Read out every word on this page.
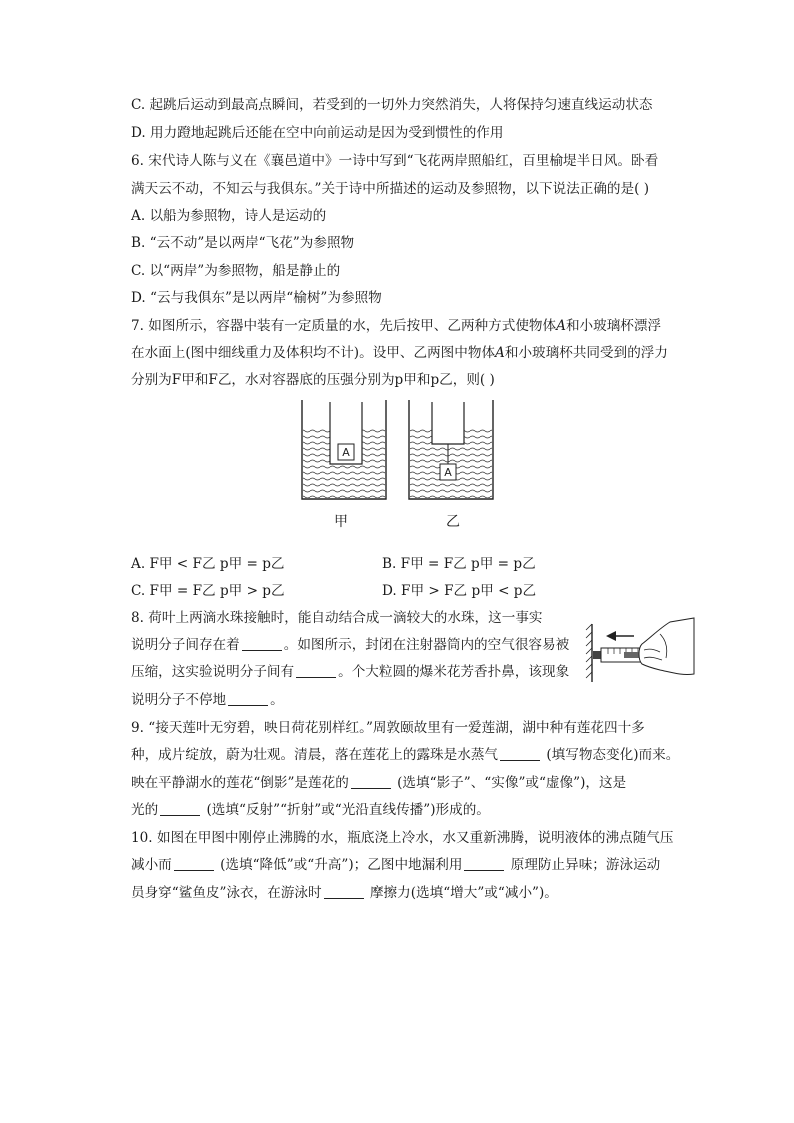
C. 起跳后运动到最高点瞬间，若受到的一切外力突然消失，人将保持匀速直线运动状态
D. 用力蹬地起跳后还能在空中向前运动是因为受到惯性的作用
6. 宋代诗人陈与义在《襄邑道中》一诗中写到“飞花两岸照船红，百里榆堤半日风。卧看
满天云不动，不知云与我俱东。”关于诗中所描述的运动及参照物，以下说法正确的是( )
A. 以船为参照物，诗人是运动的
B. “云不动”是以两岸“飞花”为参照物
C. 以“两岸”为参照物，船是静止的
D. “云与我俱东”是以两岸“榆树”为参照物
7. 如图所示，容器中装有一定质量的水，先后按甲、乙两种方式使物体A和小玻璃杯漂浮
在水面上(图中细线重力及体积均不计)。设甲、乙两图中物体A和小玻璃杯共同受到的浮力
分别为F甲和F乙，水对容器底的压强分别为p甲和p乙，则( )
A
A
甲	乙
A. F甲 < F乙 p甲 = p乙	B. F甲 = F乙 p甲 = p乙
C. F甲 = F乙 p甲 > p乙	D. F甲 > F乙 p甲 < p乙
8. 荷叶上两滴水珠接触时，能自动结合成一滴较大的水珠，这一事实
说明分子间存在着	。如图所示，封闭在注射器筒内的空气很容易被
压缩，这实验说明分子间有	。个大粒圆的爆米花芳香扑鼻，该现象
说明分子不停地	。
9. “接天莲叶无穷碧，映日荷花别样红。”周敦颐故里有一爱莲湖，湖中种有莲花四十多
种，成片绽放，蔚为壮观。清晨，落在莲花上的露珠是水蒸气	(填写物态变化)而来。
映在平静湖水的莲花“倒影”是莲花的	(选填“影子”、“实像”或“虚像”)，这是
光的	(选填“反射”“折射”或“光沿直线传播”)形成的。
10. 如图在甲图中刚停止沸腾的水，瓶底浇上冷水，水又重新沸腾，说明液体的沸点随气压
减小而	(选填“降低”或“升高”)；乙图中地漏利用	原理防止异味；游泳运动
员身穿“鲨鱼皮”泳衣，在游泳时	摩擦力(选填“增大”或“减小”)。
